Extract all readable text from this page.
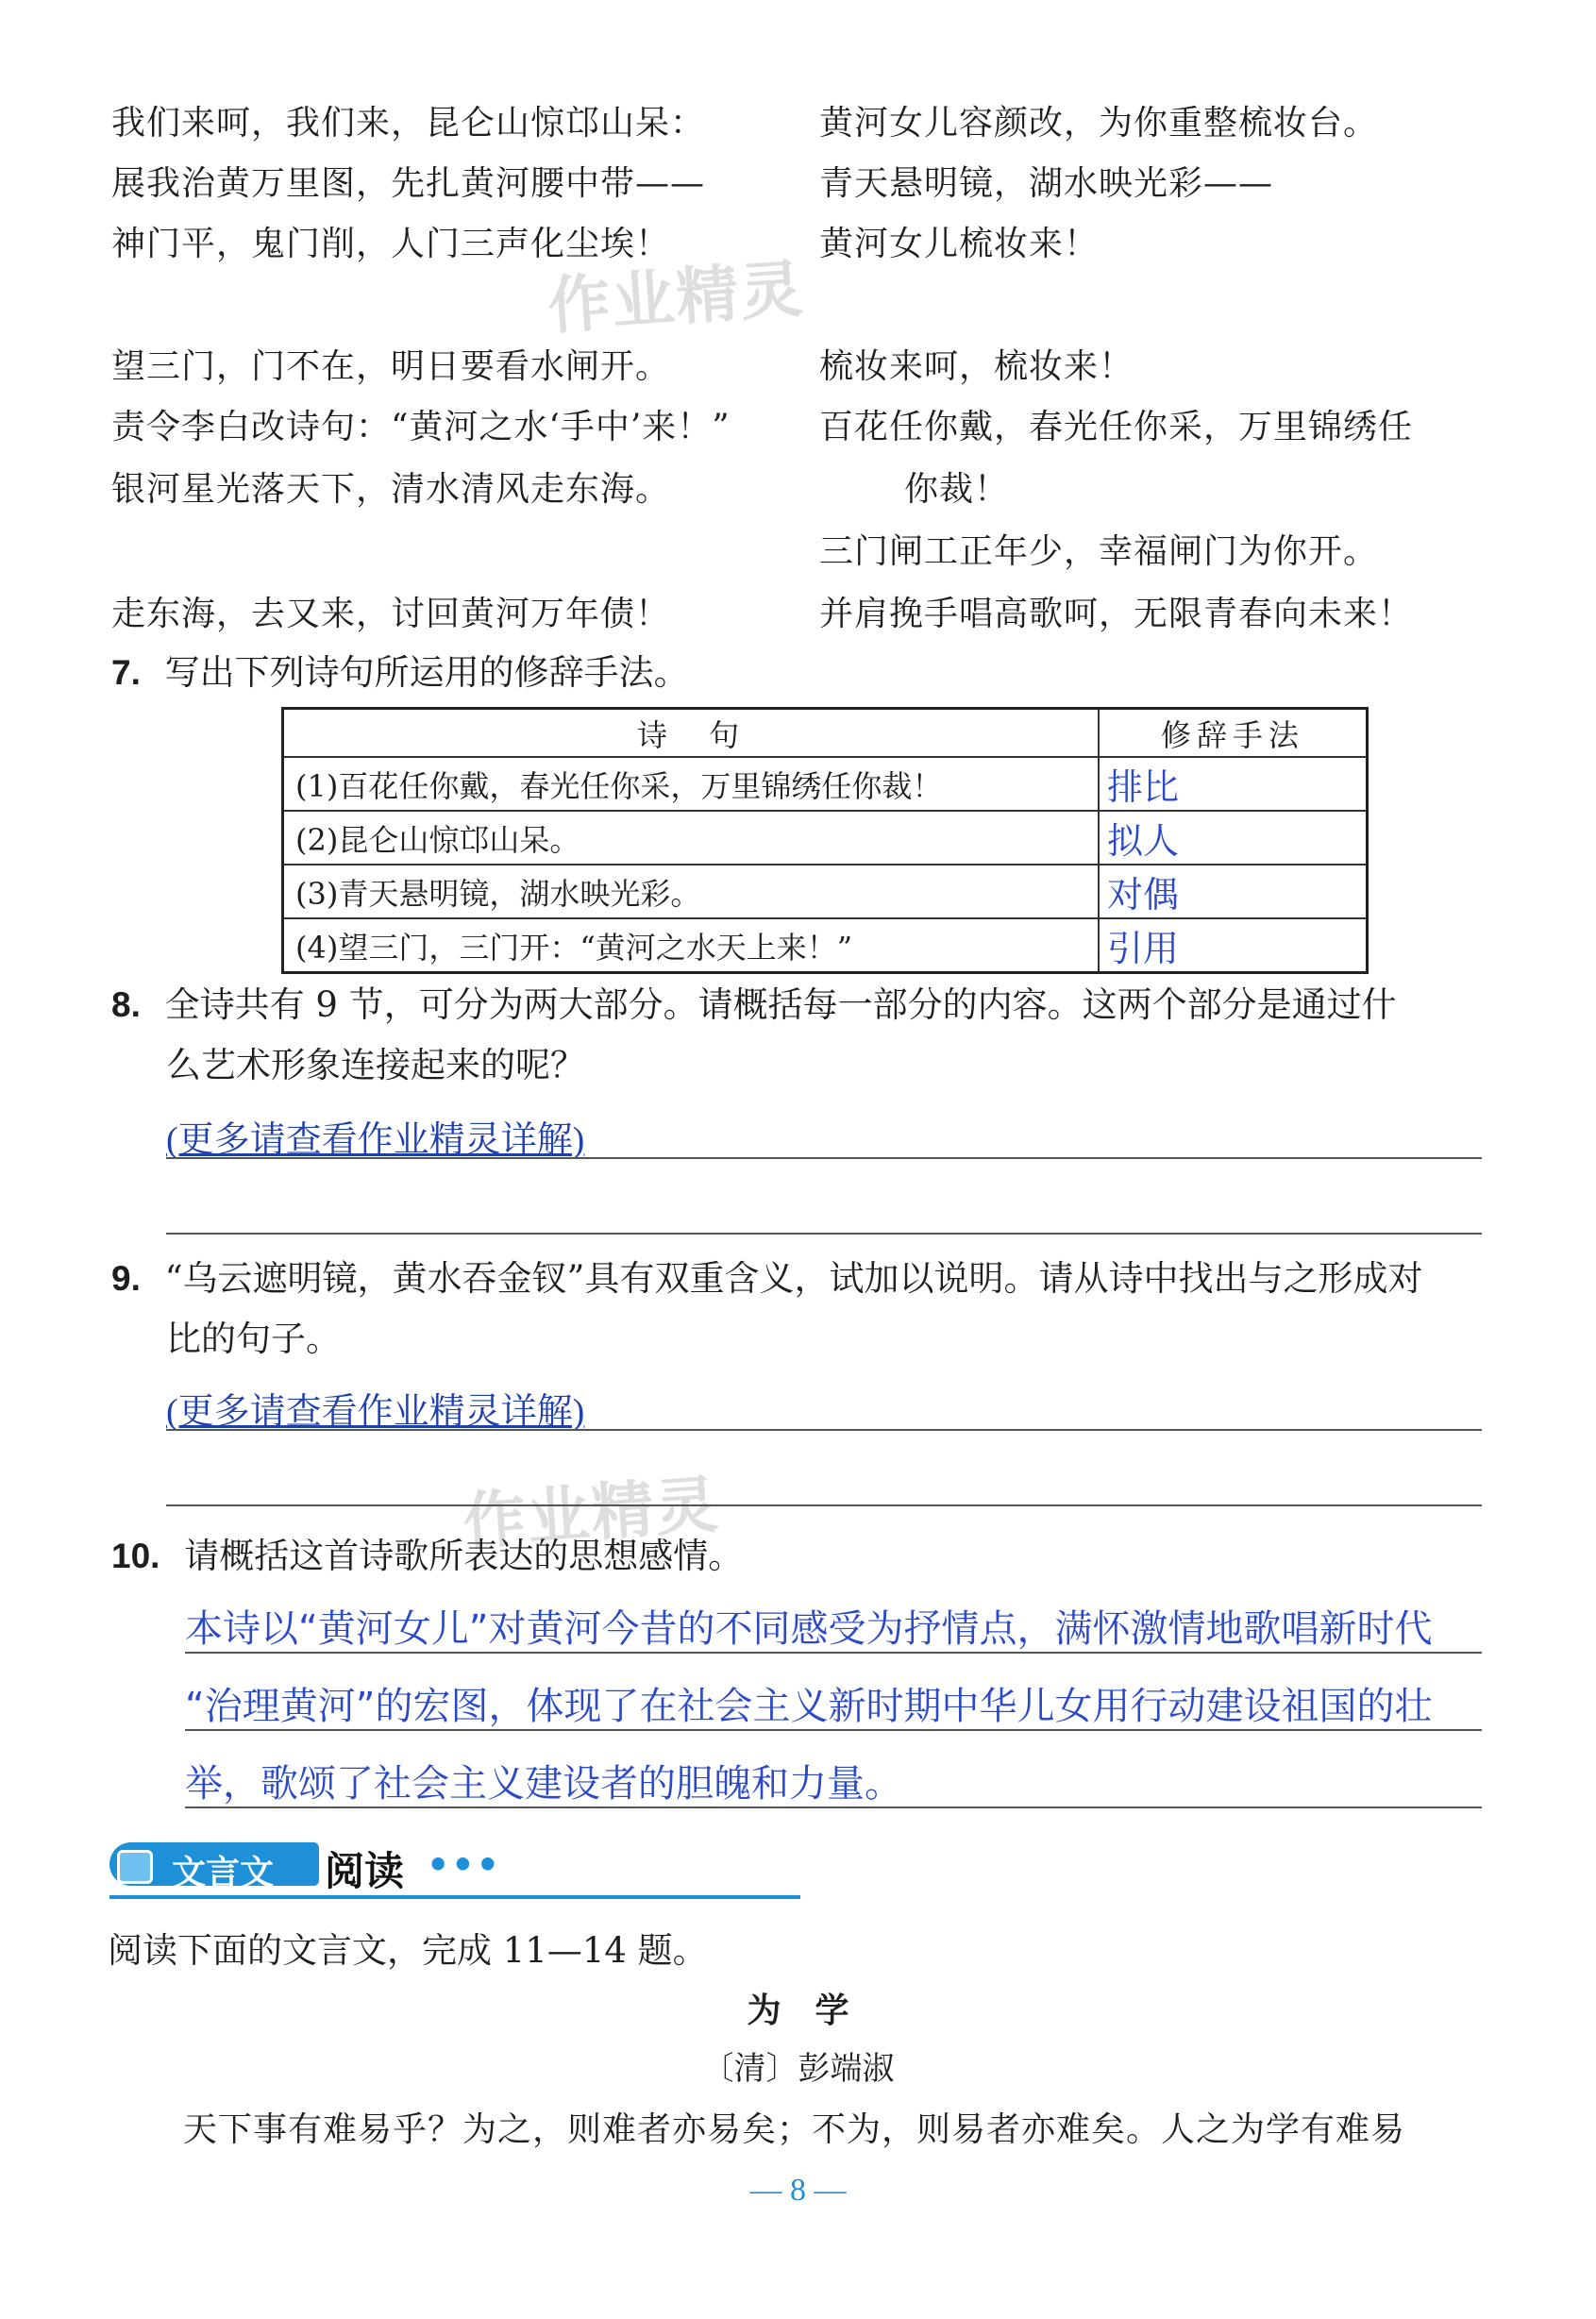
我们来呵，我们来，昆仑山惊邙山呆：
展我治黄万里图，先扎黄河腰中带——
神门平，鬼门削，人门三声化尘埃！
望三门，门不在，明日要看水闸开。
责令李白改诗句：“黄河之水‘手中’来！”
银河星光落天下，清水清风走东海。
走东海，去又来，讨回黄河万年债！
黄河女儿容颜改，为你重整梳妆台。
青天悬明镜，湖水映光彩——
黄河女儿梳妆来！
梳妆来呵，梳妆来！
百花任你戴，春光任你采，万里锦绣任
你裁！
三门闸工正年少，幸福闸门为你开。
并肩挽手唱高歌呵，无限青春向未来！
作业精灵
作业精灵
7. 写出下列诗句所运用的修辞手法。
诗　句	修辞手法
(1)百花任你戴，春光任你采，万里锦绣任你裁！	排比
(2)昆仑山惊邙山呆。	拟人
(3)青天悬明镜，湖水映光彩。	对偶
(4)望三门，三门开：“黄河之水天上来！”	引用
8. 全诗共有 9 节，可分为两大部分。请概括每一部分的内容。这两个部分是通过什
么艺术形象连接起来的呢？
(更多请查看作业精灵详解)
9. “乌云遮明镜，黄水吞金钗”具有双重含义，试加以说明。请从诗中找出与之形成对
比的句子。
(更多请查看作业精灵详解)
10. 请概括这首诗歌所表达的思想感情。
本诗以“黄河女儿”对黄河今昔的不同感受为抒情点，满怀激情地歌唱新时代
“治理黄河”的宏图，体现了在社会主义新时期中华儿女用行动建设祖国的壮
举，歌颂了社会主义建设者的胆魄和力量。
文言文 阅读 •••
阅读下面的文言文，完成 11—14 题。
为　学
〔清〕彭端淑
天下事有难易乎？为之，则难者亦易矣；不为，则易者亦难矣。人之为学有难易
— 8 —
